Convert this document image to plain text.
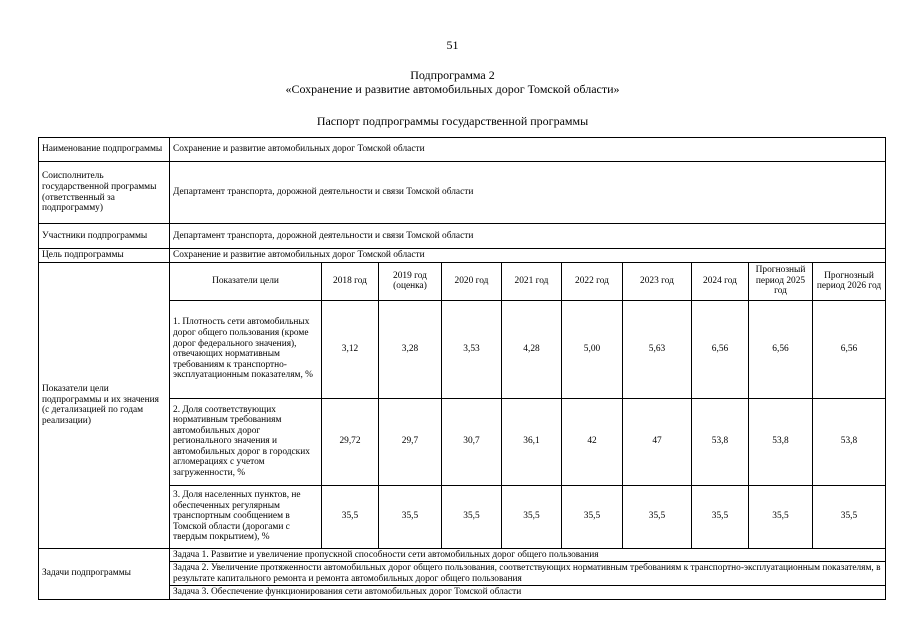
51
Подпрограмма 2
«Сохранение и развитие автомобильных дорог Томской области»
Паспорт подпрограммы государственной программы
Наименование подпрограммы	Сохранение и развитие автомобильных дорог Томской области									
Соисполнитель государственной программы (ответственный за подпрограмму)	Департамент транспорта, дорожной деятельности и связи Томской области									
Участники подпрограммы	Департамент транспорта, дорожной деятельности и связи Томской области									
Цель подпрограммы	Сохранение и развитие автомобильных дорог Томской области									
Показатели цели подпрограммы и их значения (с детализацией по годам реализации)	Показатели цели	2018 год	2019 год (оценка)	2020 год	2021 год	2022 год	2023 год	2024 год	Прогнозный период 2025 год	Прогнозный период 2026 год
	1. Плотность сети автомобильных дорог общего пользования (кроме дорог федерального значения), отвечающих нормативным требованиям к транспортно-эксплуатационным показателям, %	3,12	3,28	3,53	4,28	5,00	5,63	6,56	6,56	6,56
	2. Доля соответствующих нормативным требованиям автомобильных дорог регионального значения и автомобильных дорог в городских агломерациях с учетом загруженности, %	29,72	29,7	30,7	36,1	42	47	53,8	53,8	53,8
	3. Доля населенных пунктов, не обеспеченных регулярным транспортным сообщением в Томской области (дорогами с твердым покрытием), %	35,5	35,5	35,5	35,5	35,5	35,5	35,5	35,5	35,5
Задачи подпрограммы	Задача 1. Развитие и увеличение пропускной способности сети автомобильных дорог общего пользования									
	Задача 2. Увеличение протяженности автомобильных дорог общего пользования, соответствующих нормативным требованиям к транспортно-эксплуатационным показателям, в результате капитального ремонта и ремонта автомобильных дорог общего пользования									
	Задача 3. Обеспечение функционирования сети автомобильных дорог Томской области									
